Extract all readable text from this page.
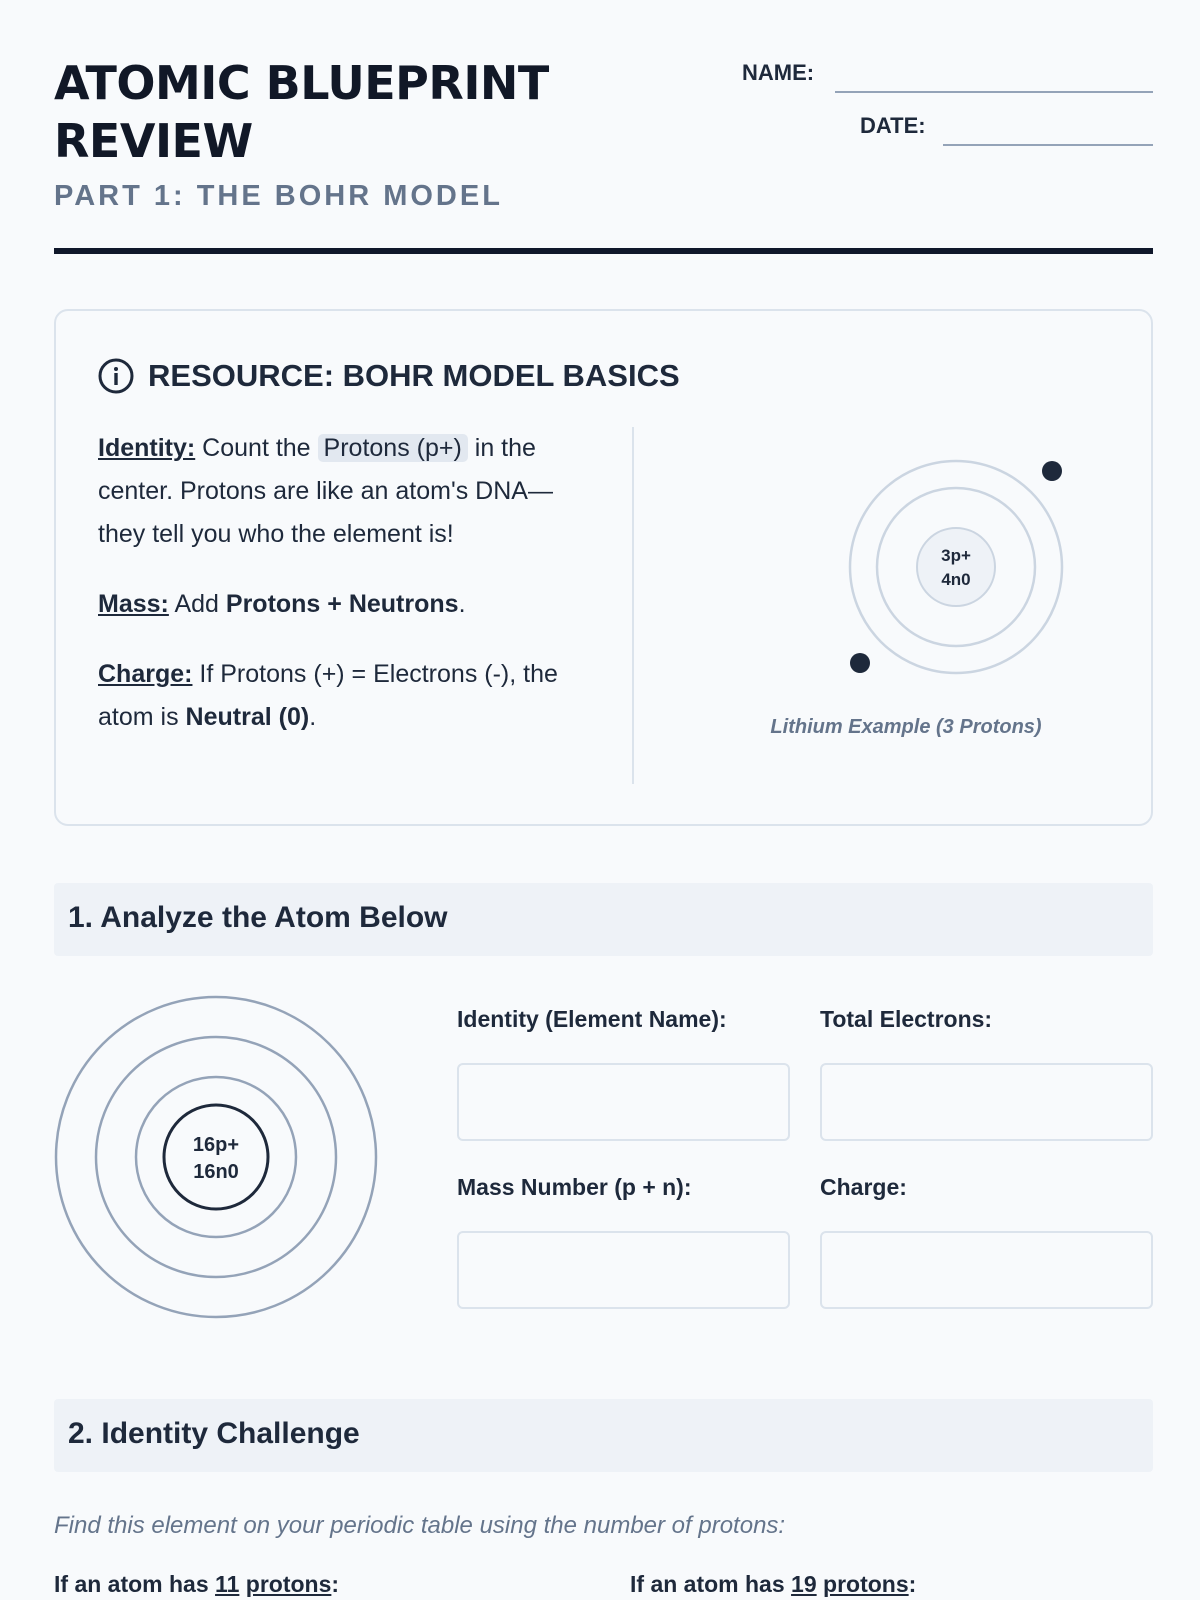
ATOMIC BLUEPRINT REVIEW
PART 1: THE BOHR MODEL
NAME:
DATE:
RESOURCE: BOHR MODEL BASICS

Identity: Count the Protons (p+) in the center. Protons are like an atom's DNA—they tell you who the element is!

Mass: Add Protons + Neutrons.

Charge: If Protons (+) = Electrons (-), the atom is Neutral (0).

3p+
4n0
Lithium Example (3 Protons)
1. Analyze the Atom Below
16p+
16n0
Identity (Element Name):	Total Electrons:
Mass Number (p + n):	Charge:
2. Identity Challenge
Find this element on your periodic table using the number of protons:
If an atom has 11 protons:	If an atom has 19 protons:
